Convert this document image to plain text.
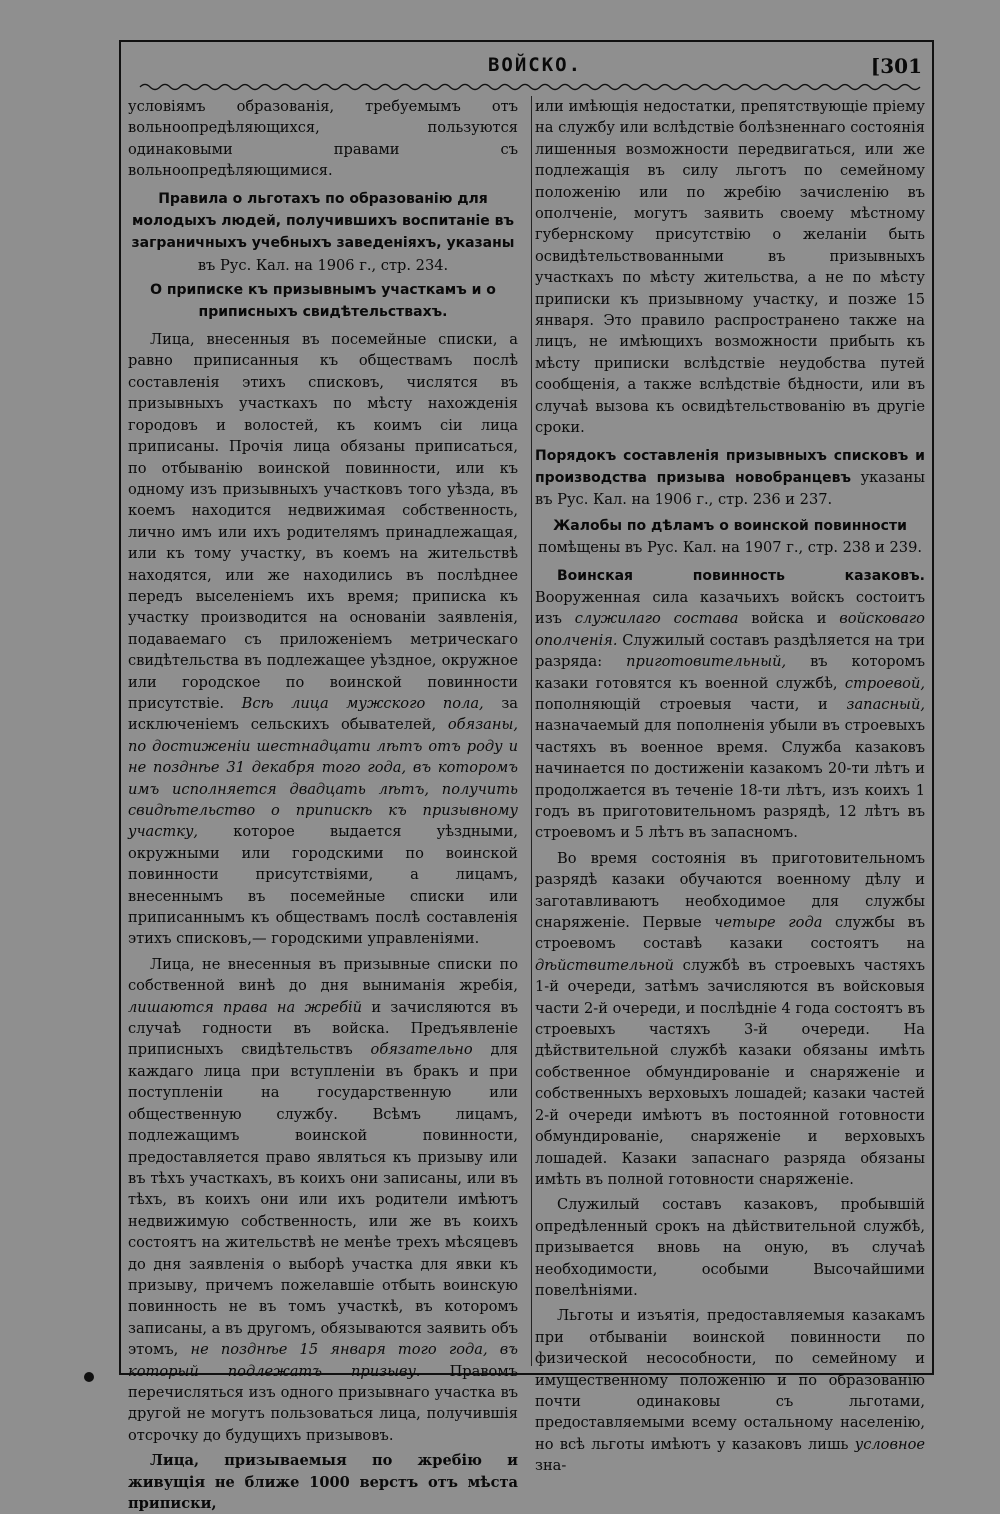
ВОЙСКО.	[301

условіямъ образованія, требуемымъ отъ вольноопредѣляющихся, пользуются одинаковыми правами съ вольноопредѣляющимися.

Правила о льготахъ по образованію для молодыхъ людей, получившихъ воспитаніе въ заграничныхъ учебныхъ заведеніяхъ, указаны въ Рус. Кал. на 1906 г., стр. 234.

О приписке къ призывнымъ участкамъ и о приписныхъ свидѣтельствахъ.

Лица, внесенныя въ посемейные списки, а равно приписанныя къ обществамъ послѣ составленія этихъ списковъ, числятся въ призывныхъ участкахъ по мѣсту нахожденія городовъ и волостей, къ коимъ сіи лица приписаны. Прочія лица обязаны приписаться, по отбыванію воинской повинности, или къ одному изъ призывныхъ участковъ того уѣзда, въ коемъ находится недвижимая собственность, лично имъ или ихъ родителямъ принадлежащая, или къ тому участку, въ коемъ на жительствѣ находятся, или же находились въ послѣднее передъ выселеніемъ ихъ время; приписка къ участку производится на основаніи заявленія, подаваемаго съ приложеніемъ метрическаго свидѣтельства въ подлежащее уѣздное, окружное или городское по воинской повинности присутствіе. Всѣ лица мужского пола, за исключеніемъ сельскихъ обывателей, обязаны, по достиженіи шестнадцати лѣтъ отъ роду и не позднѣе 31 декабря того года, въ которомъ имъ исполняется двадцать лѣтъ, получить свидѣтельство о припискѣ къ призывному участку, которое выдается уѣздными, окружными или городскими по воинской повинности присутствіями, а лицамъ, внесеннымъ въ посемейные списки или приписаннымъ къ обществамъ послѣ составленія этихъ списковъ,— городскими управленіями.

Лица, не внесенныя въ призывные списки по собственной винѣ до дня выниманія жребія, лишаются права на жребій и зачисляются въ случаѣ годности въ войска. Предъявленіе приписныхъ свидѣтельствъ обязательно для каждаго лица при вступленіи въ бракъ и при поступленіи на государственную или общественную службу. Всѣмъ лицамъ, подлежащимъ воинской повинности, предоставляется право являться къ призыву или въ тѣхъ участкахъ, въ коихъ они записаны, или въ тѣхъ, въ коихъ они или ихъ родители имѣютъ недвижимую собственность, или же въ коихъ состоятъ на жительствѣ не менѣе трехъ мѣсяцевъ до дня заявленія о выборѣ участка для явки къ призыву, причемъ пожелавшіе отбыть воинскую повинность не въ томъ участкѣ, въ которомъ записаны, а въ другомъ, обязываются заявить объ этомъ, не позднѣе 15 января того года, въ который подлежатъ призыву. Правомъ перечисляться изъ одного призывнаго участка въ другой не могутъ пользоваться лица, получившія отсрочку до будущихъ призывовъ.

Лица, призываемыя по жребію и живущія не ближе 1000 верстъ отъ мѣста приписки,

или имѣющія недостатки, препятствующіе пріему на службу или вслѣдствіе болѣзненнаго состоянія лишенныя возможности передвигаться, или же подлежащія въ силу льготъ по семейному положенію или по жребію зачисленію въ ополченіе, могутъ заявить своему мѣстному губернскому присутствію о желаніи быть освидѣтельствованными въ призывныхъ участкахъ по мѣсту жительства, а не по мѣсту приписки къ призывному участку, и позже 15 января. Это правило распространено также на лицъ, не имѣющихъ возможности прибыть къ мѣсту приписки вслѣдствіе неудобства путей сообщенія, а также вслѣдствіе бѣдности, или въ случаѣ вызова къ освидѣтельствованію въ другіе сроки.

Порядокъ составленія призывныхъ списковъ и производства призыва новобранцевъ указаны въ Рус. Кал. на 1906 г., стр. 236 и 237.

Жалобы по дѣламъ о воинской повинности помѣщены въ Рус. Кал. на 1907 г., стр. 238 и 239.

Воинская повинность казаковъ. Вооруженная сила казачьихъ войскъ состоитъ изъ служилаго состава войска и войсковаго ополченія. Служилый составъ раздѣляется на три разряда: приготовительный, въ которомъ казаки готовятся къ военной службѣ, строевой, пополняющій строевыя части, и запасный, назначаемый для пополненія убыли въ строевыхъ частяхъ въ военное время. Служба казаковъ начинается по достиженіи казакомъ 20-ти лѣтъ и продолжается въ теченіе 18-ти лѣтъ, изъ коихъ 1 годъ въ приготовительномъ разрядѣ, 12 лѣтъ въ строевомъ и 5 лѣтъ въ запасномъ.

Во время состоянія въ приготовительномъ разрядѣ казаки обучаются военному дѣлу и заготавливаютъ необходимое для службы снаряженіе. Первые четыре года службы въ строевомъ составѣ казаки состоятъ на дѣйствительной службѣ въ строевыхъ частяхъ 1-й очереди, затѣмъ зачисляются въ войсковыя части 2-й очереди, и послѣдніе 4 года состоятъ въ строевыхъ частяхъ 3-й очереди. На дѣйствительной службѣ казаки обязаны имѣть собственное обмундированіе и снаряженіе и собственныхъ верховыхъ лошадей; казаки частей 2-й очереди имѣютъ въ постоянной готовности обмундированіе, снаряженіе и верховыхъ лошадей. Казаки запаснаго разряда обязаны имѣть въ полной готовности снаряженіе.

Служилый составъ казаковъ, пробывшій опредѣленный срокъ на дѣйствительной службѣ, призывается вновь на оную, въ случаѣ необходимости, особыми Высочайшими повелѣніями.

Льготы и изъятія, предоставляемыя казакамъ при отбываніи воинской повинности по физической несособности, по семейному и имущественному положенію и по образованію почти одинаковы съ льготами, предоставляемыми всему остальному населенію, но всѣ льготы имѣютъ у казаковъ лишь условное зна-
